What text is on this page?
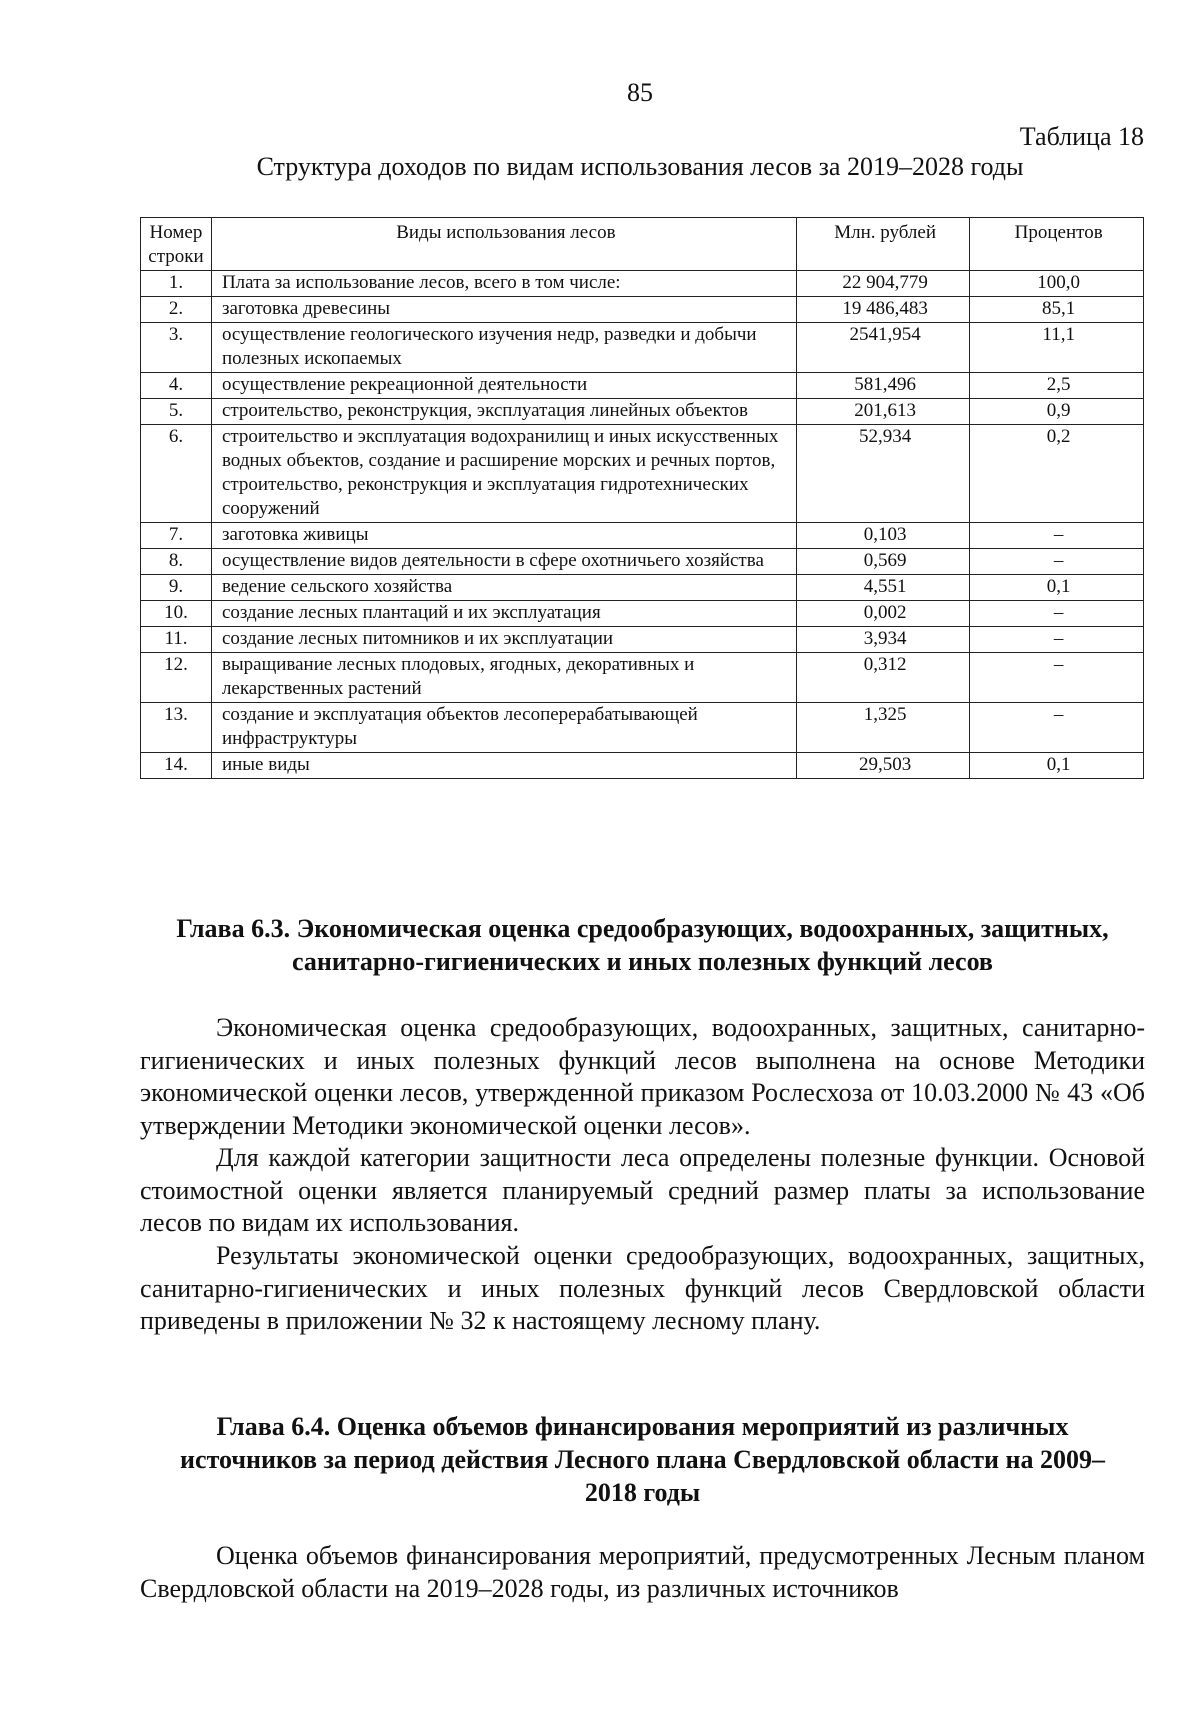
85
Таблица 18
Структура доходов по видам использования лесов за 2019–2028 годы
Номер строки	Виды использования лесов	Млн. рублей	Процентов
1.	Плата за использование лесов, всего в том числе:	22 904,779	100,0
2.	заготовка древесины	19 486,483	85,1
3.	осуществление геологического изучения недр, разведки и добычи полезных ископаемых	2541,954	11,1
4.	осуществление рекреационной деятельности	581,496	2,5
5.	строительство, реконструкция, эксплуатация линейных объектов	201,613	0,9
6.	строительство и эксплуатация водохранилищ и иных искусственных водных объектов, создание и расширение морских и речных портов, строительство, реконструкция и эксплуатация гидротехнических сооружений	52,934	0,2
7.	заготовка живицы	0,103	–
8.	осуществление видов деятельности в сфере охотничьего хозяйства	0,569	–
9.	ведение сельского хозяйства	4,551	0,1
10.	создание лесных плантаций и их эксплуатация	0,002	–
11.	создание лесных питомников и их эксплуатации	3,934	–
12.	выращивание лесных плодовых, ягодных, декоративных и лекарственных растений	0,312	–
13.	создание и эксплуатация объектов лесоперерабатывающей инфраструктуры	1,325	–
14.	иные виды	29,503	0,1
Глава 6.3. Экономическая оценка средообразующих, водоохранных, защитных, санитарно-гигиенических и иных полезных функций лесов

Экономическая оценка средообразующих, водоохранных, защитных, санитарно-гигиенических и иных полезных функций лесов выполнена на основе Методики экономической оценки лесов, утвержденной приказом Рослесхоза от 10.03.2000 № 43 «Об утверждении Методики экономической оценки лесов».

Для каждой категории защитности леса определены полезные функции. Основой стоимостной оценки является планируемый средний размер платы за использование лесов по видам их использования.

Результаты экономической оценки средообразующих, водоохранных, защитных, санитарно-гигиенических и иных полезных функций лесов Свердловской области приведены в приложении № 32 к настоящему лесному плану.

Глава 6.4. Оценка объемов финансирования мероприятий из различных источников за период действия Лесного плана Свердловской области на 2009–2018 годы

Оценка объемов финансирования мероприятий, предусмотренных Лесным планом Свердловской области на 2019–2028 годы, из различных источников
